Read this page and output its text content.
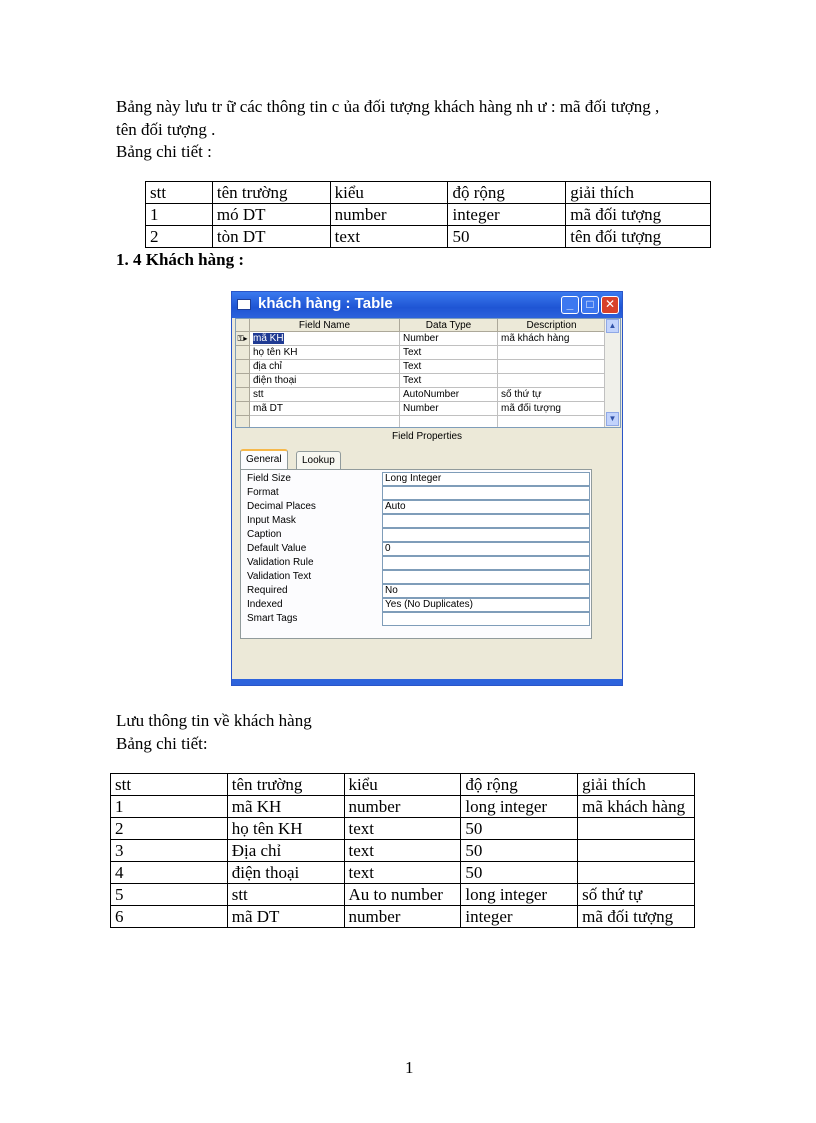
Bảng này lưu tr ữ các thông tin c ủa đối tượng khách hàng nh ư : mã đối tượng ,
tên đối tượng .
Bảng chi tiết :
stt	tên trường	kiểu	độ rộng	giải thích
1	mó DT	number	integer	mã đối tượng
2	tòn DT	text	50	tên đối tượng
1. 4 Khách hàng :
khách hàng : Table	_	□ ✕
Field Name	Data Type	Description
⚿▸ mã KH	Number	mã khách hàng
họ tên KH	Text
địa chỉ	Text
điện thoại	Text
stt	AutoNumber	số thứ tự
mã DT	Number	mã đối tượng
▲
▼
Field Properties
General	Lookup
Field Size	Long Integer
Format
Decimal Places	Auto
Input Mask
Caption
Default Value	0
Validation Rule
Validation Text
Required	No
Indexed	Yes (No Duplicates)
Smart Tags
Lưu thông tin về khách hàng
Bảng chi tiết:
stt	tên trường	kiểu	độ rộng	giải thích
1	mã KH	number	long integer	mã khách hàng
2	họ tên KH	text	50	
3	Địa chỉ	text	50	
4	điện thoại	text	50	
5	stt	Au to number	long integer	số thứ tự
6	mã DT	number	integer	mã đối tượng
1
